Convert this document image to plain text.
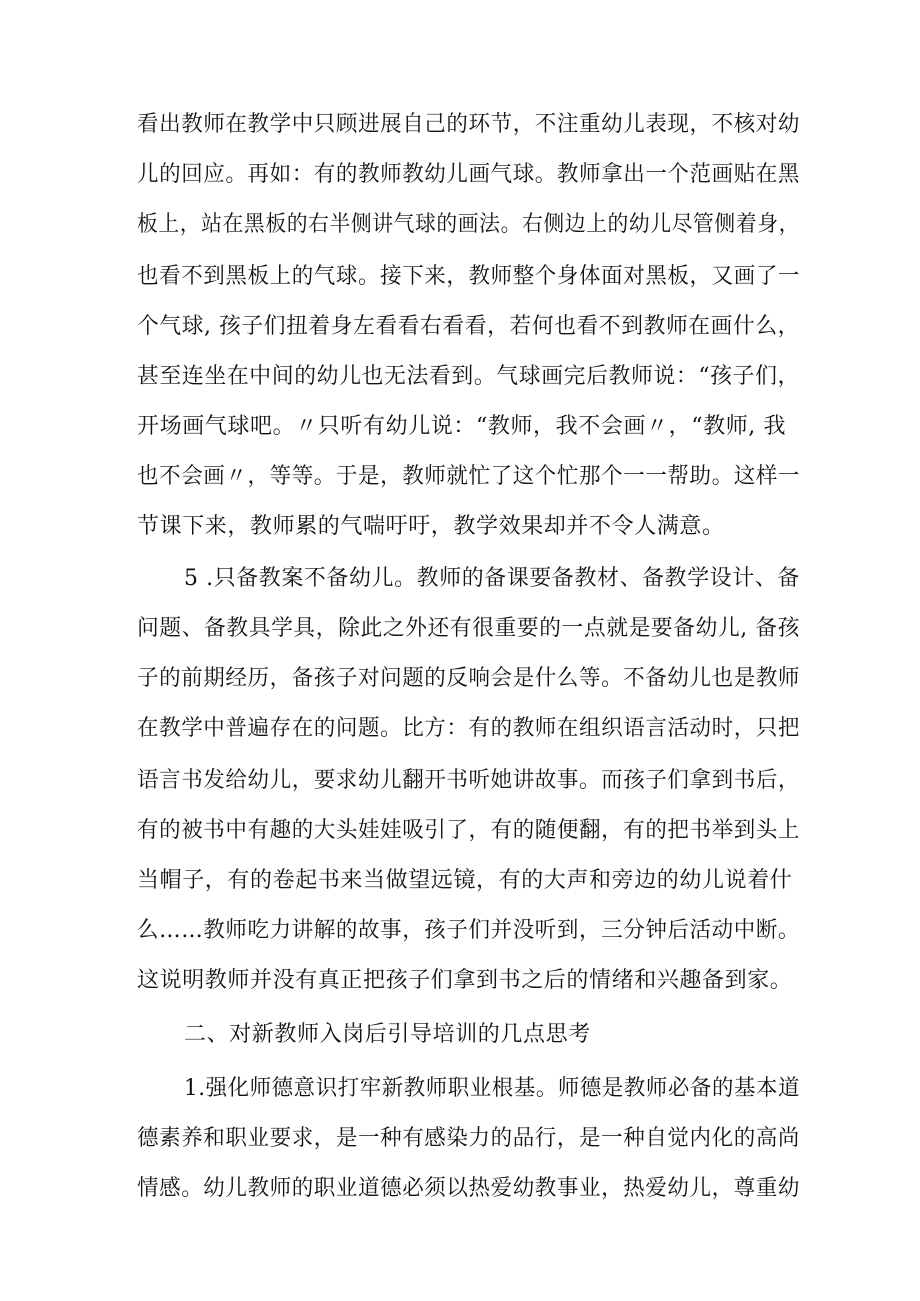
看出教师在教学中只顾进展自己的环节，不注重幼儿表现，不核对幼
儿的回应。再如：有的教师教幼儿画气球。教师拿出一个范画贴在黑
板上，站在黑板的右半侧讲气球的画法。右侧边上的幼儿尽管侧着身，
也看不到黑板上的气球。接下来，教师整个身体面对黑板，又画了一
个气球, 孩子们扭着身左看看右看看，若何也看不到教师在画什么，
甚至连坐在中间的幼儿也无法看到。气球画完后教师说：“孩子们，
开场画气球吧。〃只听有幼儿说：“教师，我不会画〃，“教师, 我
也不会画〃，等等。于是，教师就忙了这个忙那个一一帮助。这样一
节课下来，教师累的气喘吁吁，教学效果却并不令人满意。
5 .只备教案不备幼儿。教师的备课要备教材、备教学设计、备
问题、备教具学具，除此之外还有很重要的一点就是要备幼儿, 备孩
子的前期经历，备孩子对问题的反响会是什么等。不备幼儿也是教师
在教学中普遍存在的问题。比方：有的教师在组织语言活动时，只把
语言书发给幼儿，要求幼儿翻开书听她讲故事。而孩子们拿到书后，
有的被书中有趣的大头娃娃吸引了，有的随便翻，有的把书举到头上
当帽子，有的卷起书来当做望远镜，有的大声和旁边的幼儿说着什
么……教师吃力讲解的故事，孩子们并没听到，三分钟后活动中断。
这说明教师并没有真正把孩子们拿到书之后的情绪和兴趣备到家。
二、对新教师入岗后引导培训的几点思考
1.强化师德意识打牢新教师职业根基。师德是教师必备的基本道
德素养和职业要求，是一种有感染力的品行，是一种自觉内化的高尚
情感。幼儿教师的职业道德必须以热爱幼教事业，热爱幼儿，尊重幼
